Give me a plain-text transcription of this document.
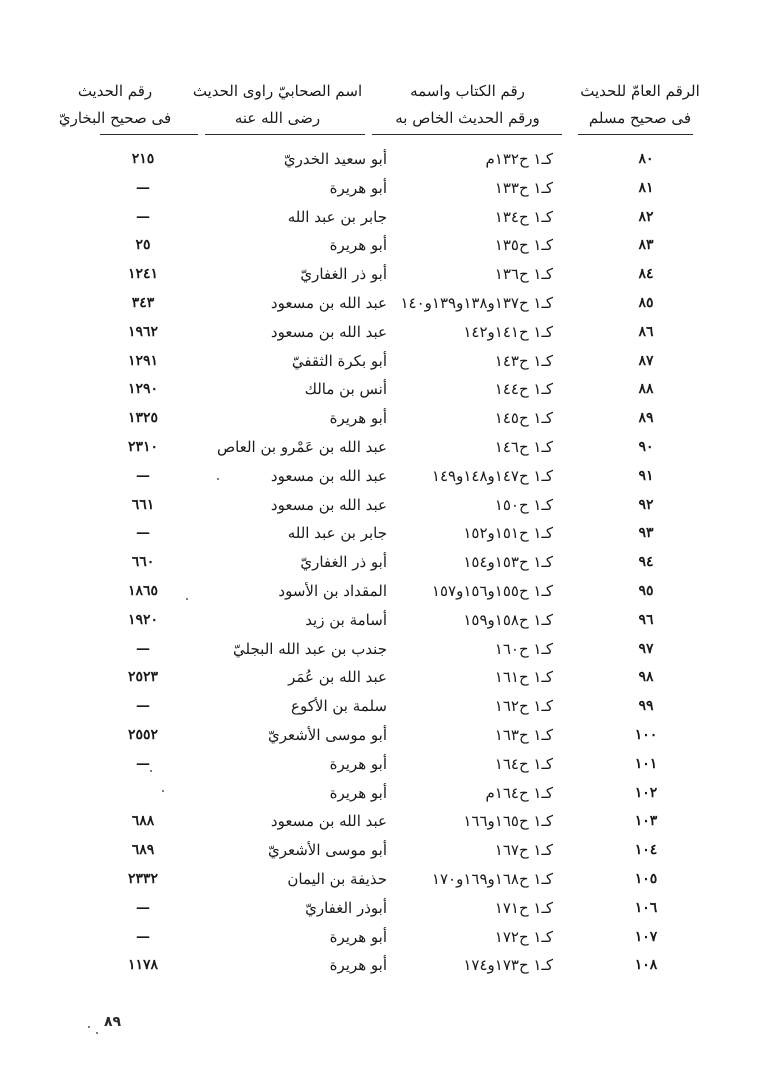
الرقم العامّ للحديث
فى صحيح مسلم
رقم الكتاب واسمه
ورقم الحديث الخاص به
اسم الصحابيّ راوى الحديث
رضى الله عنه
رقم الحديث
فى صحيح البخاريّ
٨٠
كـ١ ح١٣٢م
أبو سعيد الخدريّ
٢١٥
٨١
كـ١ ح١٣٣
أبو هريرة
—
٨٢
كـ١ ح١٣٤
جابر بن عبد الله
—
٨٣
كـ١ ح١٣٥
أبو هريرة
٢٥
٨٤
كـ١ ح١٣٦
أبو ذر الغفاريّ
١٢٤١
٨٥
كـ١ ح١٣٧و١٣٨و١٣٩و١٤٠
عبد الله بن مسعود
٣٤٣
٨٦
كـ١ ح١٤١و١٤٢
عبد الله بن مسعود
١٩٦٢
٨٧
كـ١ ح١٤٣
أبو بكرة الثقفيّ
١٢٩١
٨٨
كـ١ ح١٤٤
أنس بن مالك
١٢٩٠
٨٩
كـ١ ح١٤٥
أبو هريرة
١٣٢٥
٩٠
كـ١ ح١٤٦
عبد الله بن عَمْرو بن العاص
٢٣١٠
٩١
كـ١ ح١٤٧و١٤٨و١٤٩
عبد الله بن مسعود
—
٩٢
كـ١ ح١٥٠
عبد الله بن مسعود
٦٦١
٩٣
كـ١ ح١٥١و١٥٢
جابر بن عبد الله
—
٩٤
كـ١ ح١٥٣و١٥٤
أبو ذر الغفاريّ
٦٦٠
٩٥
كـ١ ح١٥٥و١٥٦و١٥٧
المقداد بن الأسود
١٨٦٥
٩٦
كـ١ ح١٥٨و١٥٩
أسامة بن زيد
١٩٢٠
٩٧
كـ١ ح١٦٠
جندب بن عبد الله البجليّ
—
٩٨
كـ١ ح١٦١
عبد الله بن عُمَر
٢٥٢٣
٩٩
كـ١ ح١٦٢
سلمة بن الأكوع
—
١٠٠
كـ١ ح١٦٣
أبو موسى الأشعريّ
٢٥٥٢
١٠١
كـ١ ح١٦٤
أبو هريرة
—
١٠٢
كـ١ ح١٦٤م
أبو هريرة
١٠٣
كـ١ ح١٦٥و١٦٦
عبد الله بن مسعود
٦٨٨
١٠٤
كـ١ ح١٦٧
أبو موسى الأشعريّ
٦٨٩
١٠٥
كـ١ ح١٦٨و١٦٩و١٧٠
حذيفة بن اليمان
٢٣٣٢
١٠٦
كـ١ ح١٧١
أبوذر الغفاريّ
—
١٠٧
كـ١ ح١٧٢
أبو هريرة
—
١٠٨
كـ١ ح١٧٣و١٧٤
أبو هريرة
١١٧٨
٨٩
